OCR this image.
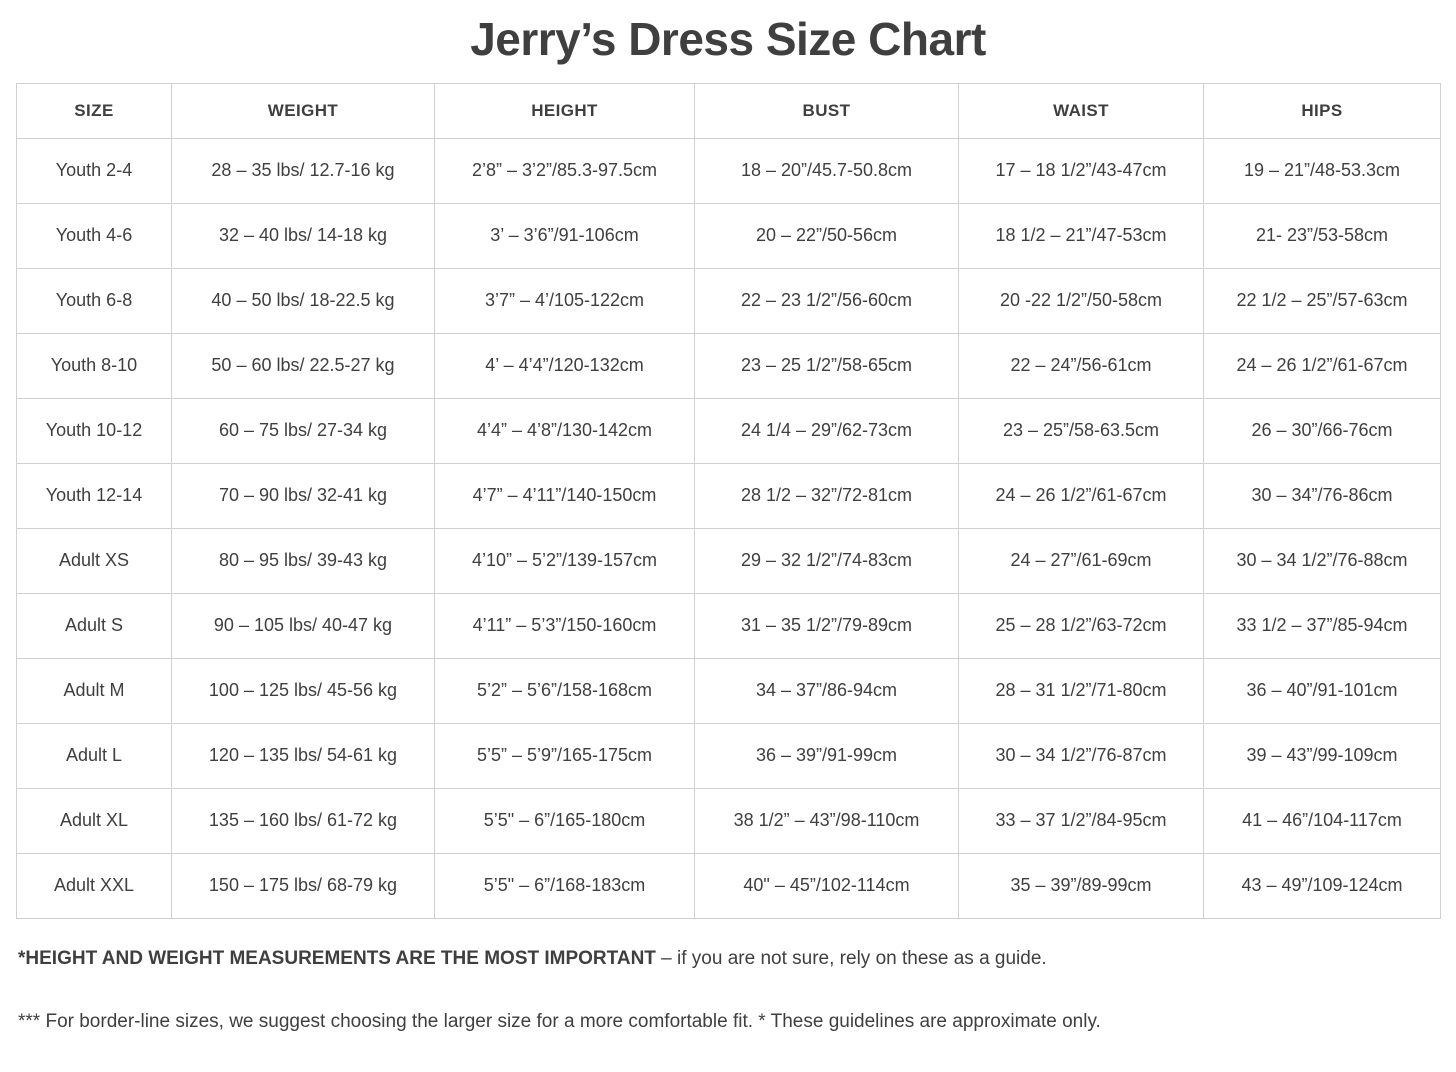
Jerry’s Dress Size Chart
SIZE	WEIGHT	HEIGHT	BUST	WAIST	HIPS
Youth 2-4	28 – 35 lbs/ 12.7-16 kg	2’8” – 3’2”/85.3-97.5cm	18 – 20”/45.7-50.8cm	17 – 18 1/2”/43-47cm	19 – 21”/48-53.3cm
Youth 4-6	32 – 40 lbs/ 14-18 kg	3’ – 3’6”/91-106cm	20 – 22”/50-56cm	18 1/2 – 21”/47-53cm	21- 23”/53-58cm
Youth 6-8	40 – 50 lbs/ 18-22.5 kg	3’7” – 4’/105-122cm	22 – 23 1/2”/56-60cm	20 -22 1/2”/50-58cm	22 1/2 – 25”/57-63cm
Youth 8-10	50 – 60 lbs/ 22.5-27 kg	4’ – 4’4”/120-132cm	23 – 25 1/2”/58-65cm	22 – 24”/56-61cm	24 – 26 1/2”/61-67cm
Youth 10-12	60 – 75 lbs/ 27-34 kg	4’4” – 4’8”/130-142cm	24 1/4 – 29”/62-73cm	23 – 25”/58-63.5cm	26 – 30”/66-76cm
Youth 12-14	70 – 90 lbs/ 32-41 kg	4’7” – 4’11”/140-150cm	28 1/2 – 32”/72-81cm	24 – 26 1/2”/61-67cm	30 – 34”/76-86cm
Adult XS	80 – 95 lbs/ 39-43 kg	4’10” – 5’2”/139-157cm	29 – 32 1/2”/74-83cm	24 – 27”/61-69cm	30 – 34 1/2”/76-88cm
Adult S	90 – 105 lbs/ 40-47 kg	4’11” – 5’3”/150-160cm	31 – 35 1/2”/79-89cm	25 – 28 1/2”/63-72cm	33 1/2 – 37”/85-94cm
Adult M	100 – 125 lbs/ 45-56 kg	5’2” – 5’6”/158-168cm	34 – 37”/86-94cm	28 – 31 1/2”/71-80cm	36 – 40”/91-101cm
Adult L	120 – 135 lbs/ 54-61 kg	5’5” – 5’9”/165-175cm	36 – 39”/91-99cm	30 – 34 1/2”/76-87cm	39 – 43”/99-109cm
Adult XL	135 – 160 lbs/ 61-72 kg	5’5" – 6”/165-180cm	38 1/2” – 43”/98-110cm	33 – 37 1/2”/84-95cm	41 – 46”/104-117cm
Adult XXL	150 – 175 lbs/ 68-79 kg	5’5" – 6”/168-183cm	40" – 45”/102-114cm	35 – 39”/89-99cm	43 – 49”/109-124cm
*HEIGHT AND WEIGHT MEASUREMENTS ARE THE MOST IMPORTANT – if you are not sure, rely on these as a guide.
*** For border-line sizes, we suggest choosing the larger size for a more comfortable fit. * These guidelines are approximate only.
